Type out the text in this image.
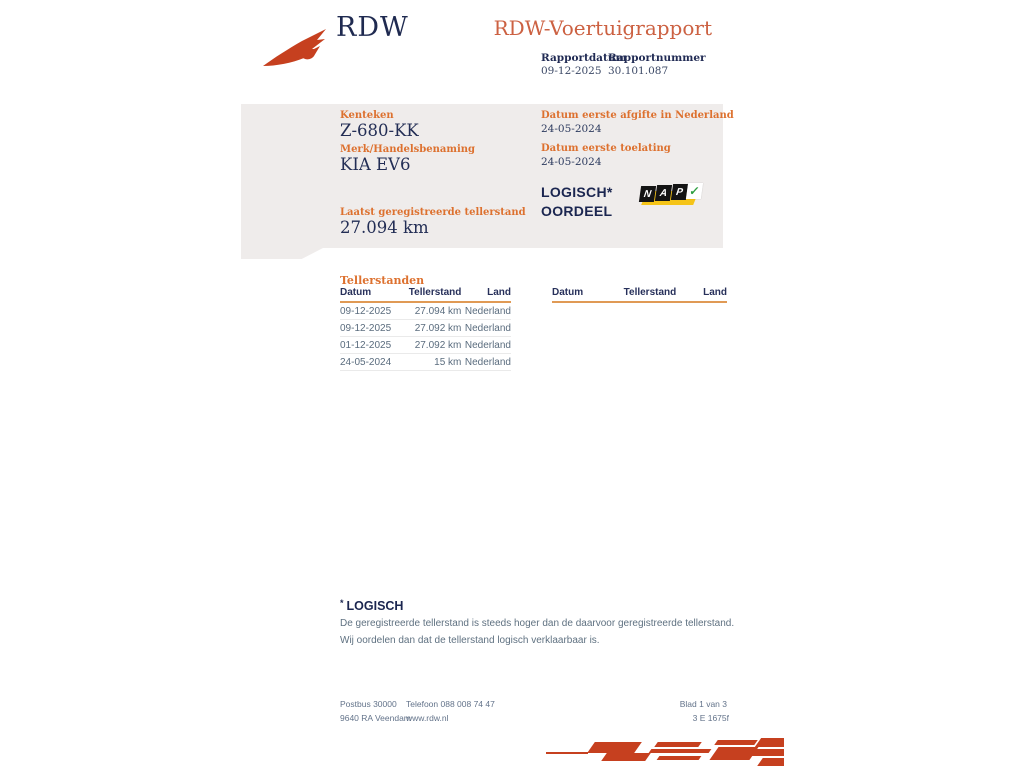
RDW	RDW-Voertuigrapport
Rapportdatum
09-12-2025
Rapportnummer
30.101.087
Kenteken
Z-680-KK
Merk/Handelsbenaming
KIA EV6
Laatst geregistreerde tellerstand
27.094 km
Datum eerste afgifte in Nederland
24-05-2024
Datum eerste toelating
24-05-2024
LOGISCH*
OORDEEL
N A P ✓
Tellerstanden
Datum	Tellerstand	Land
09-12-2025	27.094 km	Nederland
09-12-2025	27.092 km	Nederland
01-12-2025	27.092 km	Nederland
24-05-2024	15 km	Nederland
Datum	Tellerstand	Land
* LOGISCH
De geregistreerde tellerstand is steeds hoger dan de daarvoor geregistreerde tellerstand. Wij oordelen dan dat de tellerstand logisch verklaarbaar is.
Postbus 30000
9640 RA Veendam
Telefoon 088 008 74 47
www.rdw.nl
Blad 1 van 3
3 E 1675f
